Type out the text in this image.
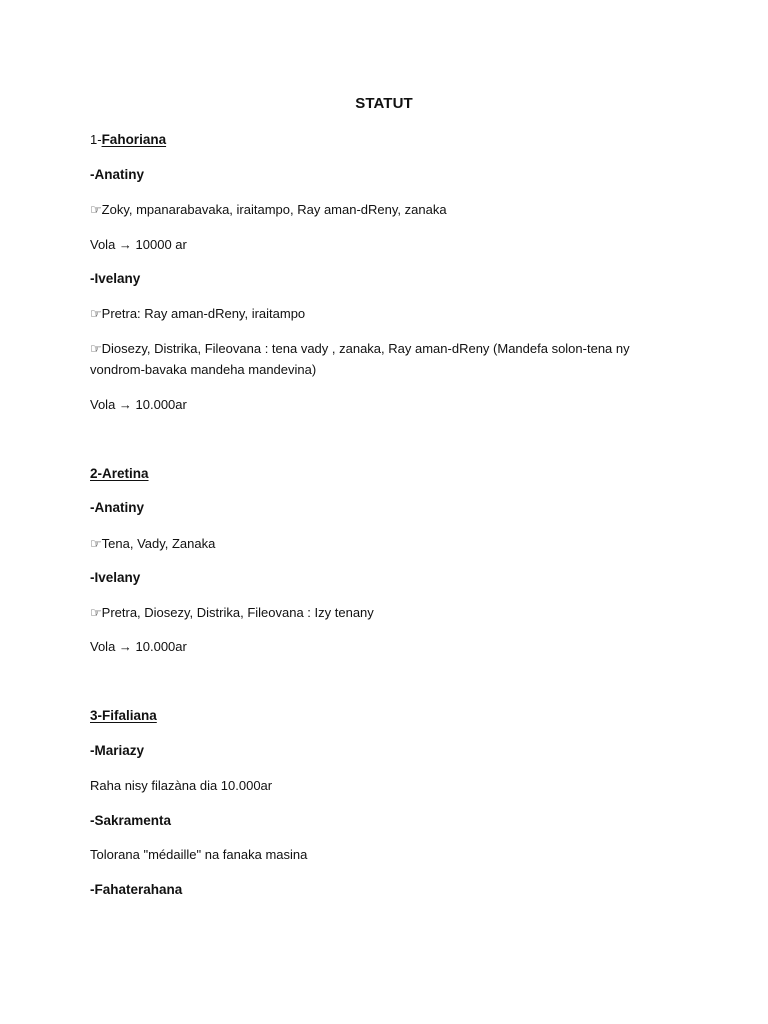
STATUT
1-Fahoriana
-Anatiny
☞Zoky, mpanarabavaka, iraitampo, Ray aman-dReny, zanaka
Vola → 10000 ar
-Ivelany
☞Pretra: Ray aman-dReny, iraitampo
☞Diosezy, Distrika, Fileovana : tena vady , zanaka, Ray aman-dReny (Mandefa solon-tena ny vondrom-bavaka mandeha mandevina)
Vola → 10.000ar
2-Aretina
-Anatiny
☞Tena, Vady, Zanaka
-Ivelany
☞Pretra, Diosezy, Distrika, Fileovana : Izy tenany
Vola → 10.000ar
3-Fifaliana
-Mariazy
Raha nisy filazàna dia 10.000ar
-Sakramenta
Tolorana "médaille" na fanaka masina
-Fahaterahana
